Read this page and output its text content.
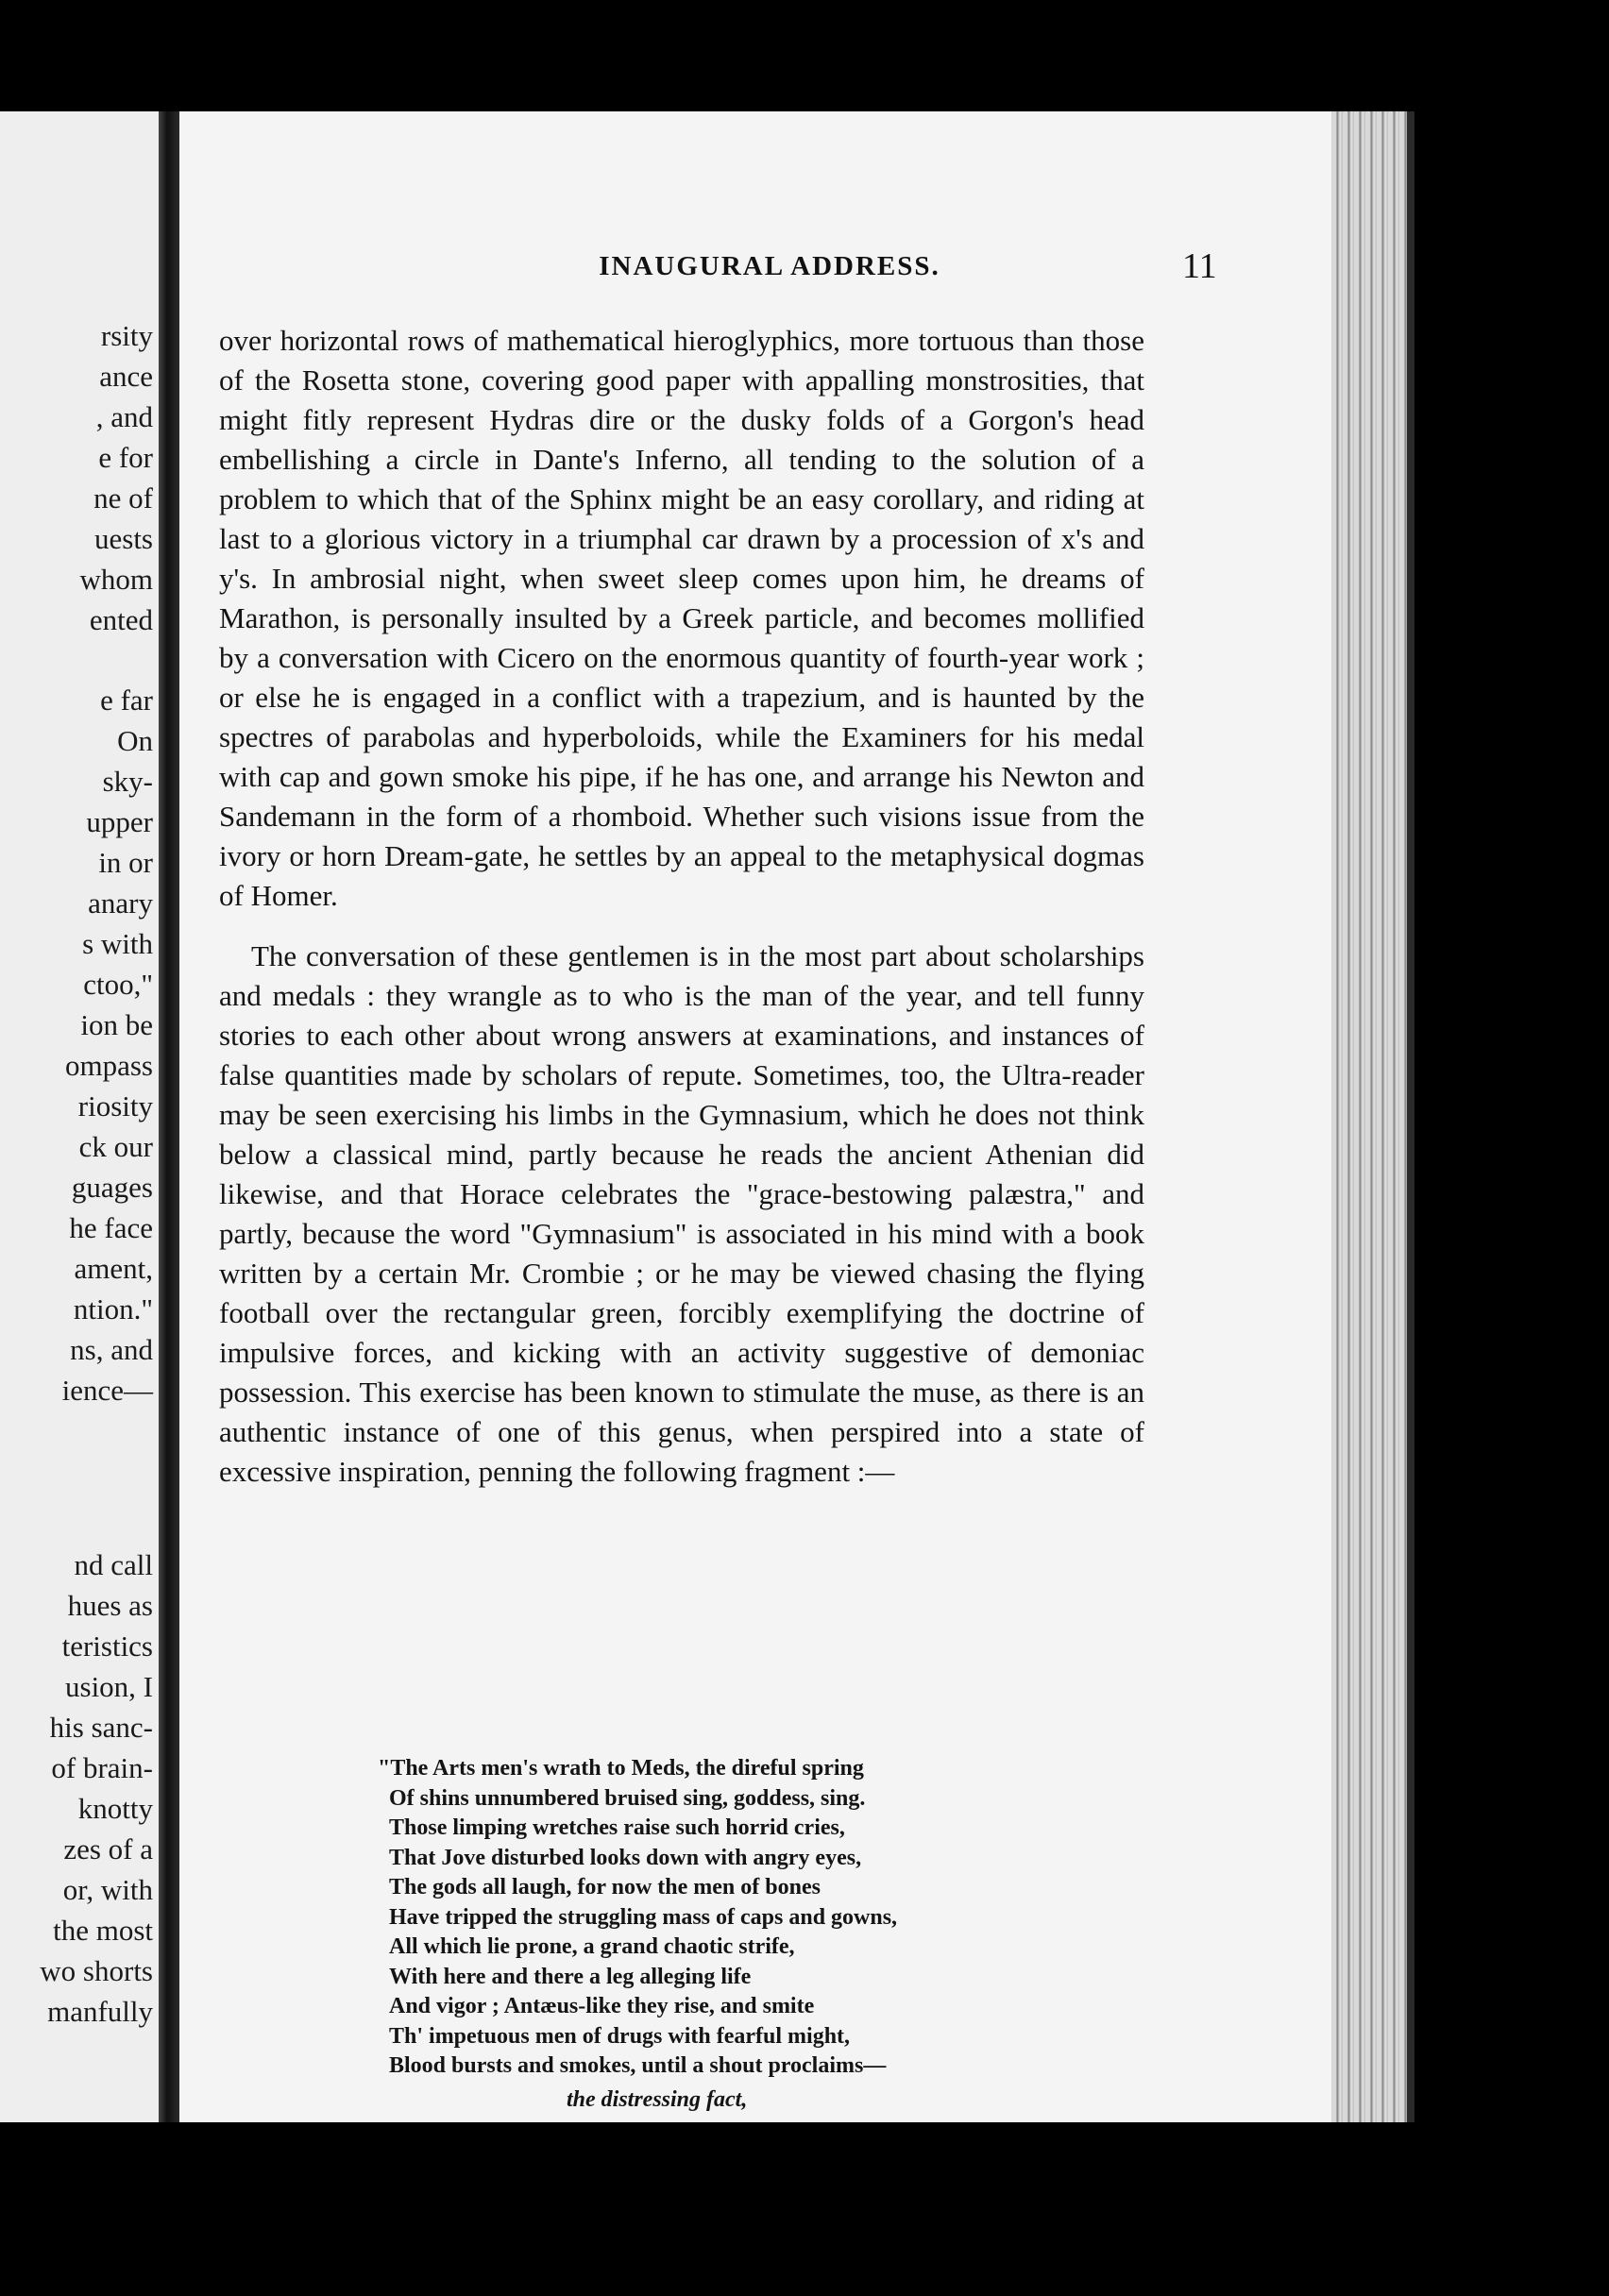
rsity
ance
, and
e for
ne of
uests
whom
ented
e far
On
sky-
upper
in or
anary
s with
ctoo,"
ion be
ompass
riosity
ck our
guages
he face
ament,
ntion."
ns, and
ience—
nd call
hues as
teristics
usion, I
his sanc-
of brain-
knotty
zes of a
or, with
the most
wo shorts
manfully
INAUGURAL ADDRESS.	11

over horizontal rows of mathematical hieroglyphics, more tortuous than those of the Rosetta stone, covering good paper with appalling monstrosities, that might fitly represent Hydras dire or the dusky folds of a Gorgon's head embellishing a circle in Dante's Inferno, all tending to the solution of a problem to which that of the Sphinx might be an easy corollary, and riding at last to a glorious victory in a triumphal car drawn by a procession of x's and y's. In ambrosial night, when sweet sleep comes upon him, he dreams of Marathon, is personally insulted by a Greek particle, and becomes mollified by a conversation with Cicero on the enormous quantity of fourth-year work ; or else he is engaged in a conflict with a trapezium, and is haunted by the spectres of parabolas and hyperboloids, while the Examiners for his medal with cap and gown smoke his pipe, if he has one, and arrange his Newton and Sandemann in the form of a rhomboid. Whether such visions issue from the ivory or horn Dream-gate, he settles by an appeal to the metaphysical dogmas of Homer.

The conversation of these gentlemen is in the most part about scholarships and medals : they wrangle as to who is the man of the year, and tell funny stories to each other about wrong answers at examinations, and instances of false quantities made by scholars of repute. Sometimes, too, the Ultra-reader may be seen exercising his limbs in the Gymnasium, which he does not think below a classical mind, partly because he reads the ancient Athenian did likewise, and that Horace celebrates the "grace-bestowing palæstra," and partly, because the word "Gymnasium" is associated in his mind with a book written by a certain Mr. Crombie ; or he may be viewed chasing the flying football over the rectangular green, forcibly exemplifying the doctrine of impulsive forces, and kicking with an activity suggestive of demoniac possession. This exercise has been known to stimulate the muse, as there is an authentic instance of one of this genus, when perspired into a state of excessive inspiration, penning the following fragment :—

"The Arts men's wrath to Meds, the direful spring
Of shins unnumbered bruised sing, goddess, sing.
Those limping wretches raise such horrid cries,
That Jove disturbed looks down with angry eyes,
The gods all laugh, for now the men of bones
Have tripped the struggling mass of caps and gowns,
All which lie prone, a grand chaotic strife,
With here and there a leg alleging life
And vigor ; Antæus-like they rise, and smite
Th' impetuous men of drugs with fearful might,
Blood bursts and smokes, until a shout proclaims—
the distressing fact,
